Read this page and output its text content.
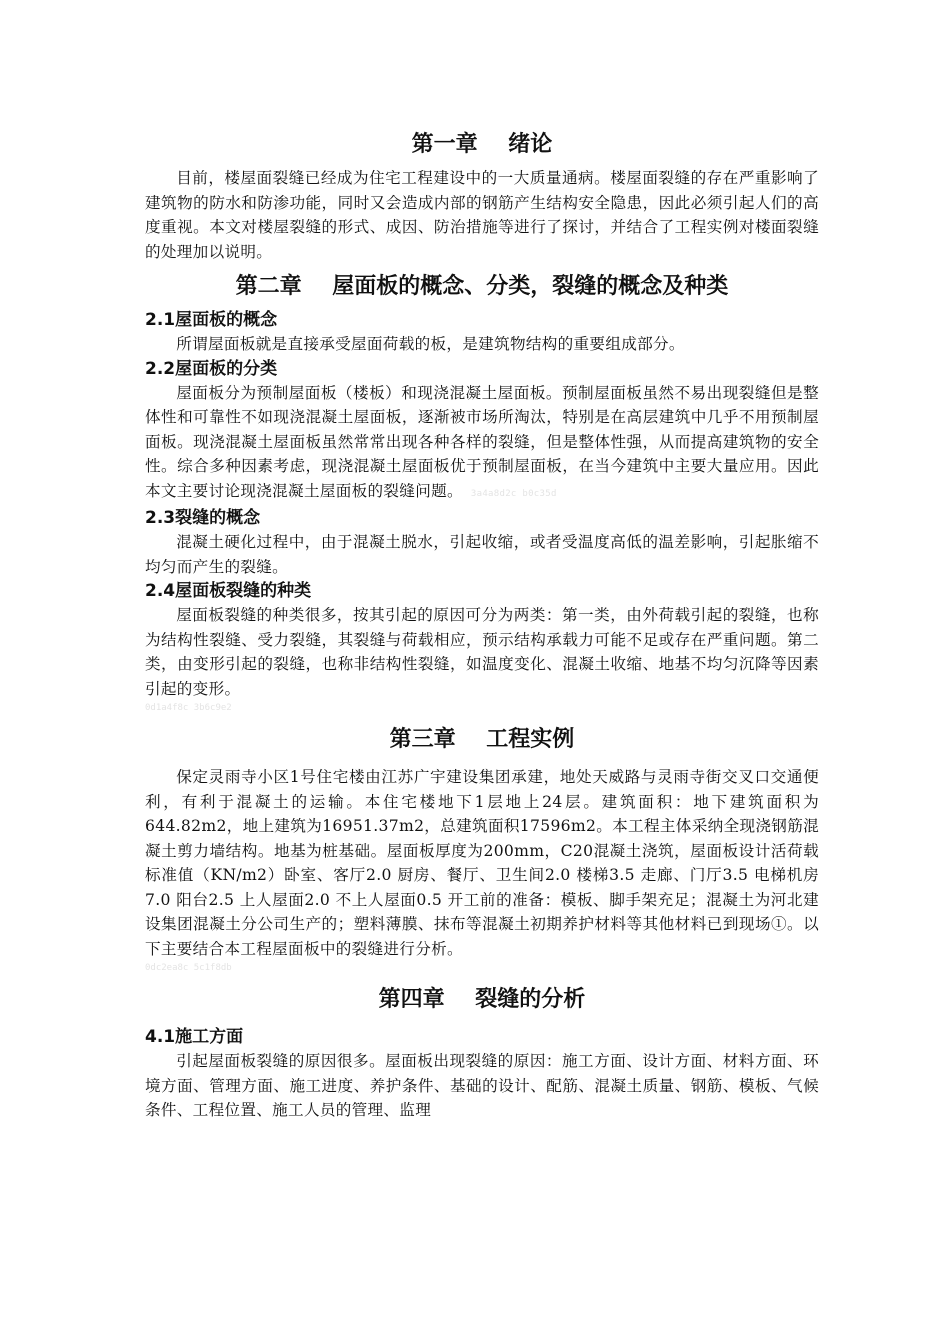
第一章    绪论

目前，楼屋面裂缝已经成为住宅工程建设中的一大质量通病。楼屋面裂缝的存在严重影响了建筑物的防水和防渗功能，同时又会造成内部的钢筋产生结构安全隐患，因此必须引起人们的高度重视。本文对楼屋裂缝的形式、成因、防治措施等进行了探讨，并结合了工程实例对楼面裂缝的处理加以说明。

第二章    屋面板的概念、分类，裂缝的概念及种类
2.1屋面板的概念

所谓屋面板就是直接承受屋面荷载的板，是建筑物结构的重要组成部分。

2.2屋面板的分类

屋面板分为预制屋面板（楼板）和现浇混凝土屋面板。预制屋面板虽然不易出现裂缝但是整体性和可靠性不如现浇混凝土屋面板，逐渐被市场所淘汰，特别是在高层建筑中几乎不用预制屋面板。现浇混凝土屋面板虽然常常出现各种各样的裂缝，但是整体性强，从而提高建筑物的安全性。综合多种因素考虑，现浇混凝土屋面板优于预制屋面板，在当今建筑中主要大量应用。因此本文主要讨论现浇混凝土屋面板的裂缝问题。 3a4a8d2c b0c35d

2.3裂缝的概念

混凝土硬化过程中，由于混凝土脱水，引起收缩，或者受温度高低的温差影响，引起胀缩不均匀而产生的裂缝。

2.4屋面板裂缝的种类

屋面板裂缝的种类很多，按其引起的原因可分为两类：第一类，由外荷载引起的裂缝，也称为结构性裂缝、受力裂缝，其裂缝与荷载相应，预示结构承载力可能不足或存在严重问题。第二类，由变形引起的裂缝，也称非结构性裂缝，如温度变化、混凝土收缩、地基不均匀沉降等因素引起的变形。

0d1a4f8c 3b6c9e2
第三章    工程实例

保定灵雨寺小区1号住宅楼由江苏广宇建设集团承建，地处天威路与灵雨寺街交叉口交通便利，有利于混凝土的运输。本住宅楼地下1层地上24层。建筑面积：地下建筑面积为644.82m2，地上建筑为16951.37m2，总建筑面积17596m2。本工程主体采纳全现浇钢筋混凝土剪力墙结构。地基为桩基础。屋面板厚度为200mm，C20混凝土浇筑，屋面板设计活荷载标准值（KN/m2）卧室、客厅2.0 厨房、餐厅、卫生间2.0 楼梯3.5 走廊、门厅3.5 电梯机房7.0 阳台2.5 上人屋面2.0 不上人屋面0.5 开工前的准备：模板、脚手架充足；混凝土为河北建设集团混凝土分公司生产的；塑料薄膜、抹布等混凝土初期养护材料等其他材料已到现场①。以下主要结合本工程屋面板中的裂缝进行分析。

0dc2ea8c 5c1f8db
第四章    裂缝的分析
4.1施工方面

引起屋面板裂缝的原因很多。屋面板出现裂缝的原因：施工方面、设计方面、材料方面、环境方面、管理方面、施工进度、养护条件、基础的设计、配筋、混凝土质量、钢筋、模板、气候条件、工程位置、施工人员的管理、监理
